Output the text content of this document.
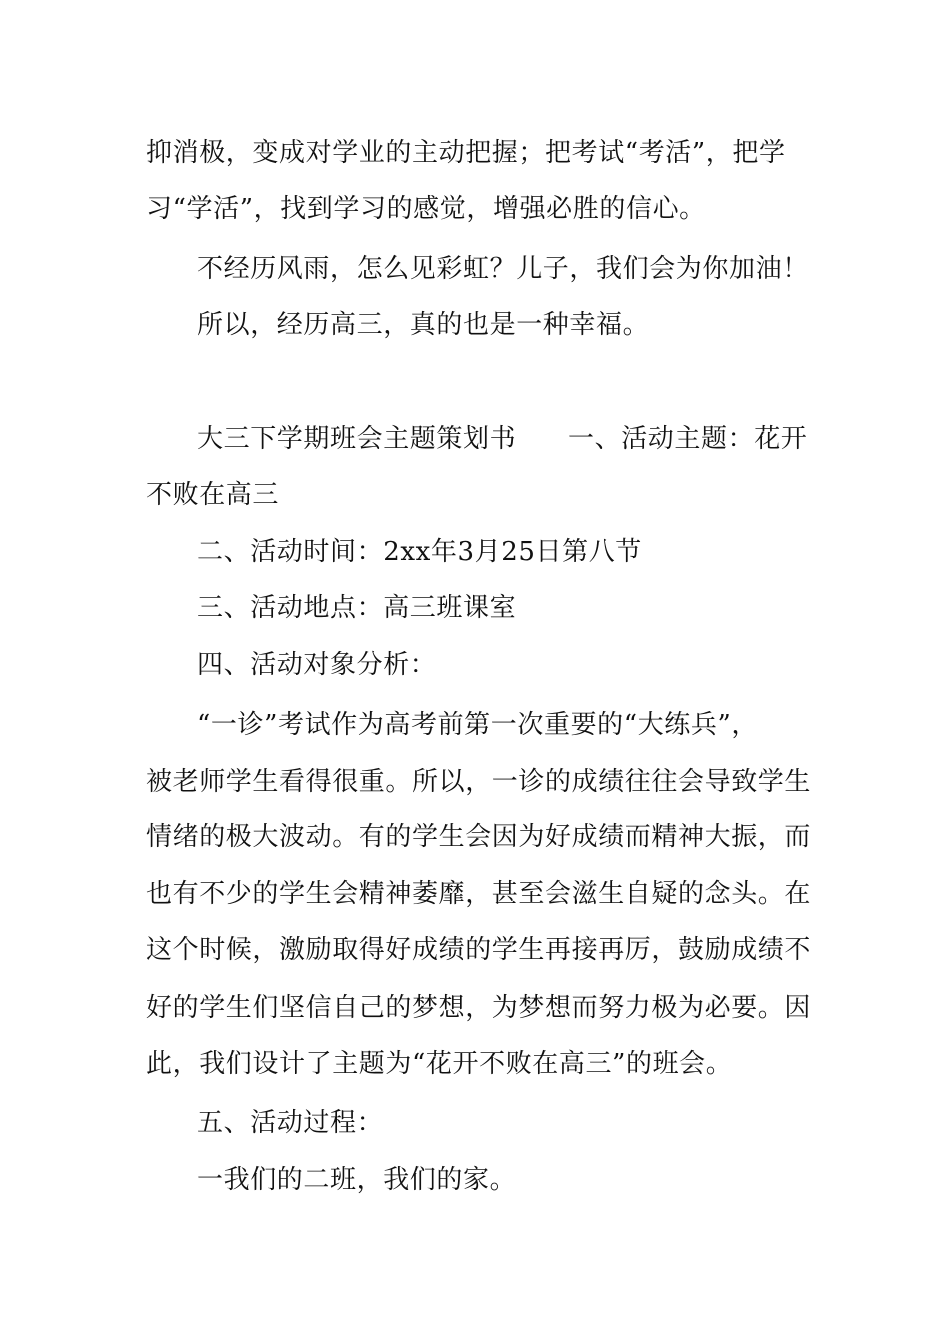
抑消极，变成对学业的主动把握；把考试“考活”，把学
习“学活”，找到学习的感觉，增强必胜的信心。
不经历风雨，怎么见彩虹？儿子，我们会为你加油！
所以，经历高三，真的也是一种幸福。
大三下学期班会主题策划书 一、活动主题：花开
不败在高三
二、活动时间：2xx年3月25日第八节
三、活动地点：高三班课室
四、活动对象分析：
“一诊”考试作为高考前第一次重要的“大练兵”，
被老师学生看得很重。所以，一诊的成绩往往会导致学生
情绪的极大波动。有的学生会因为好成绩而精神大振，而
也有不少的学生会精神萎靡，甚至会滋生自疑的念头。在
这个时候，激励取得好成绩的学生再接再厉，鼓励成绩不
好的学生们坚信自己的梦想，为梦想而努力极为必要。因
此，我们设计了主题为“花开不败在高三”的班会。
五、活动过程：
一我们的二班，我们的家。
